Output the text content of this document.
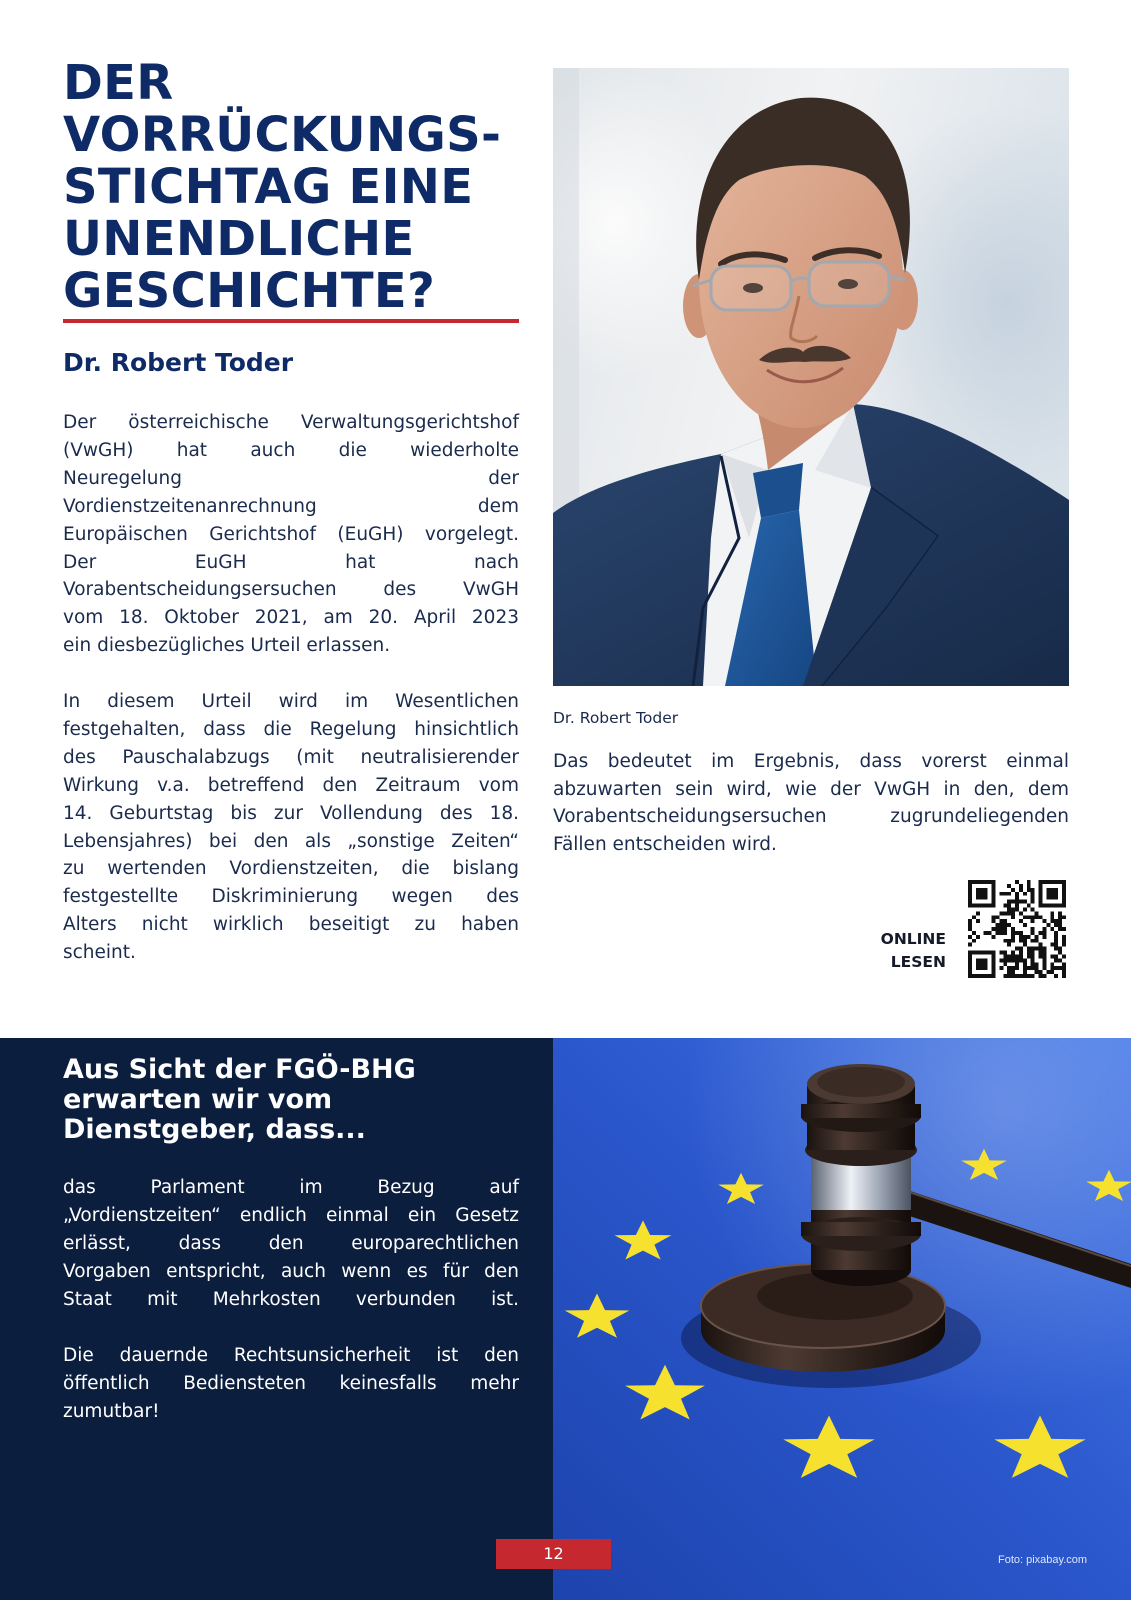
DER
VORRÜCKUNGS-
STICHTAG EINE
UNENDLICHE
GESCHICHTE?
Dr. Robert Toder
Der österreichische Verwaltungsgerichtshof
(VwGH) hat auch die wiederholte
Neuregelung der
Vordienstzeitenanrechnung dem
Europäischen Gerichtshof (EuGH) vorgelegt.
Der EuGH hat nach
Vorabentscheidungsersuchen des VwGH
vom 18. Oktober 2021, am 20. April 2023
ein diesbezügliches Urteil erlassen.
In diesem Urteil wird im Wesentlichen
festgehalten, dass die Regelung hinsichtlich
des Pauschalabzugs (mit neutralisierender
Wirkung v.a. betreffend den Zeitraum vom
14. Geburtstag bis zur Vollendung des 18.
Lebensjahres) bei den als „sonstige Zeiten“
zu wertenden Vordienstzeiten, die bislang
festgestellte Diskriminierung wegen des
Alters nicht wirklich beseitigt zu haben
scheint.
Dr. Robert Toder
Das bedeutet im Ergebnis, dass vorerst einmal
abzuwarten sein wird, wie der VwGH in den, dem
Vorabentscheidungsersuchen zugrundeliegenden
Fällen entscheiden wird.
ONLINE
LESEN
Aus Sicht der FGÖ-BHG
erwarten wir vom
Dienstgeber, dass...
das Parlament im Bezug auf
„Vordienstzeiten“ endlich einmal ein Gesetz
erlässt, dass den europarechtlichen
Vorgaben entspricht, auch wenn es für den
Staat mit Mehrkosten verbunden ist.
Die dauernde Rechtsunsicherheit ist den
öffentlich Bediensteten keinesfalls mehr
zumutbar!
12	Foto: pixabay.com
